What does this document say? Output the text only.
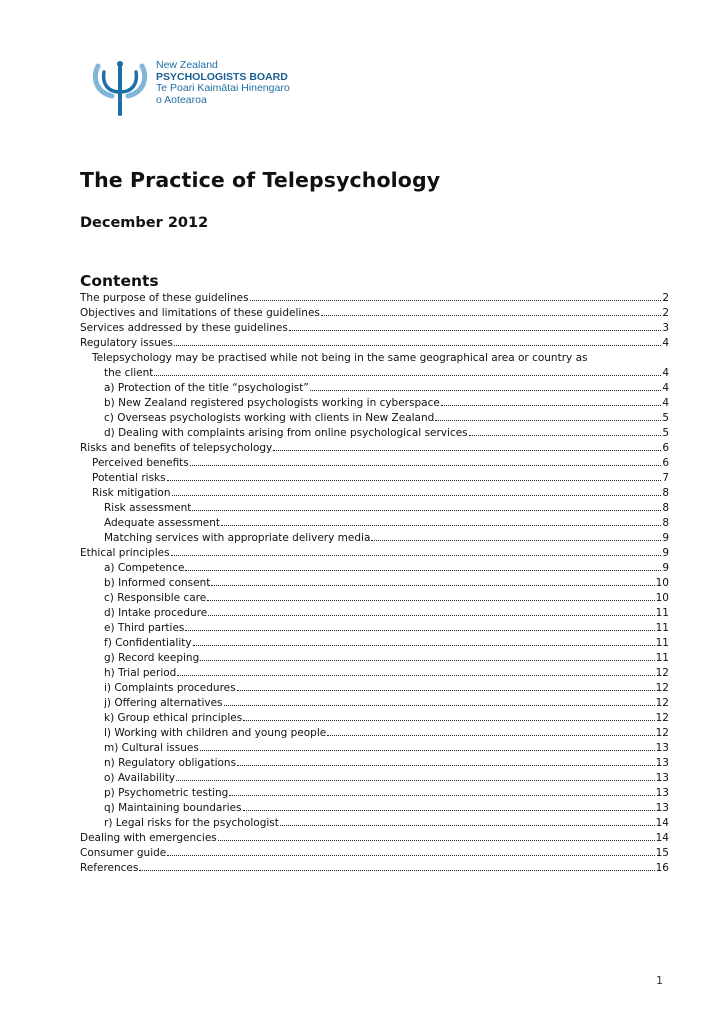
New Zealand
PSYCHOLOGISTS BOARD
Te Poari Kaimātai Hinengaro
o Aotearoa
The Practice of Telepsychology
December 2012
Contents
The purpose of these guidelines	2
Objectives and limitations of these guidelines	2
Services addressed by these guidelines	3
Regulatory issues	4
Telepsychology may be practised while not being in the same geographical area or country as
the client	4
a) Protection of the title “psychologist”	4
b) New Zealand registered psychologists working in cyberspace	4
c) Overseas psychologists working with clients in New Zealand	5
d) Dealing with complaints arising from online psychological services	5
Risks and benefits of telepsychology	6
Perceived benefits	6
Potential risks	7
Risk mitigation	8
Risk assessment	8
Adequate assessment	8
Matching services with appropriate delivery media	9
Ethical principles	9
a) Competence	9
b) Informed consent	10
c) Responsible care	10
d) Intake procedure	11
e) Third parties	11
f) Confidentiality	11
g) Record keeping	11
h) Trial period	12
i) Complaints procedures	12
j) Offering alternatives	12
k) Group ethical principles	12
l) Working with children and young people	12
m) Cultural issues	13
n) Regulatory obligations	13
o) Availability	13
p) Psychometric testing	13
q) Maintaining boundaries	13
r) Legal risks for the psychologist	14
Dealing with emergencies	14
Consumer guide	15
References	16
1
